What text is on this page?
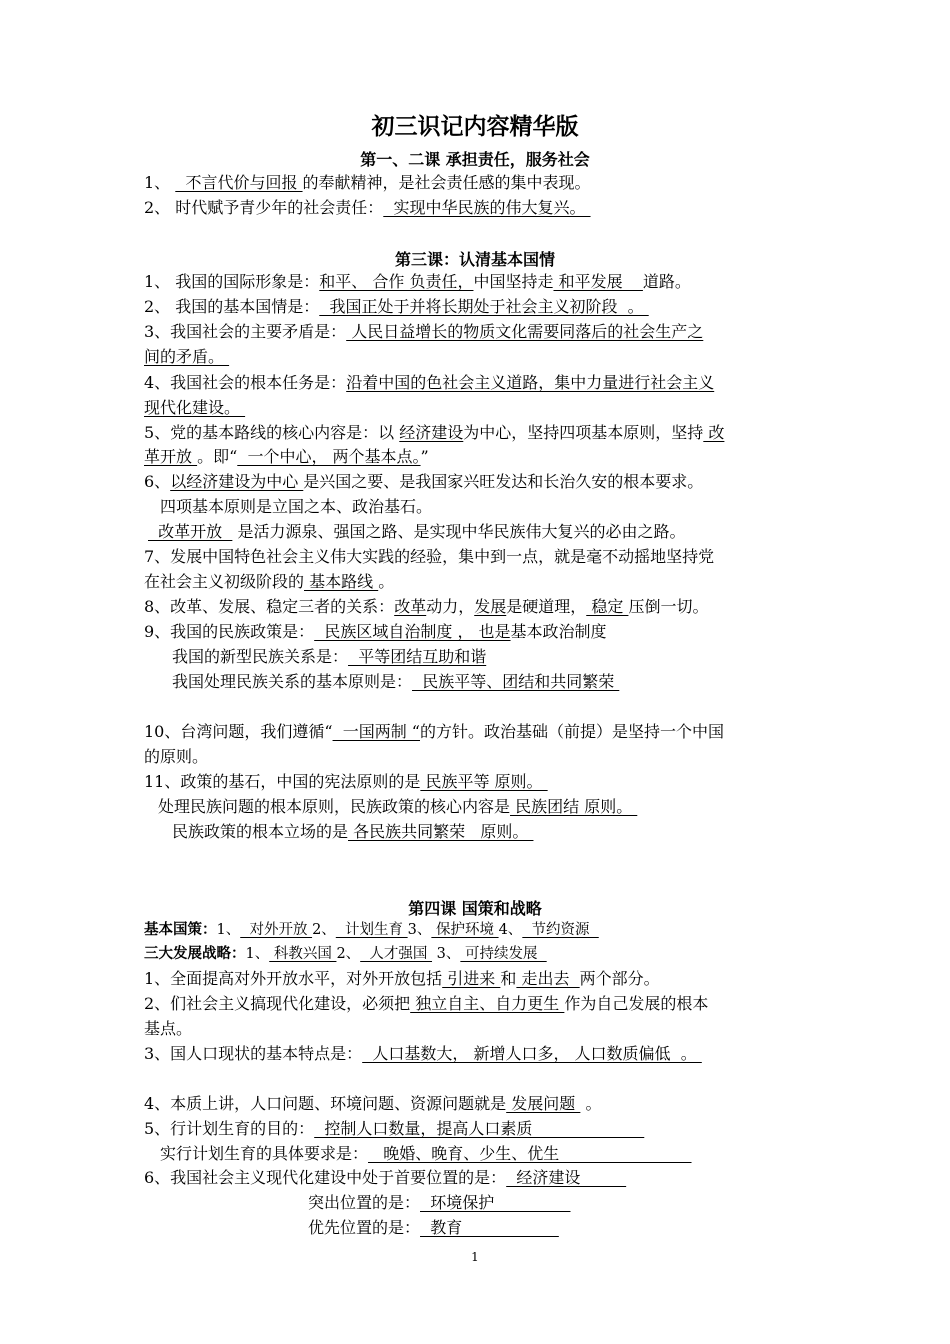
初三识记内容精华版
第一、二课 承担责任，服务社会
1、   不言代价与回报 的奉献精神，是社会责任感的集中表现。
2、 时代赋予青少年的社会责任：  实现中华民族的伟大复兴。
第三课：认清基本国情
1、 我国的国际形象是：和平、 合作 负责任，中国坚持走 和平发展    道路。
2、 我国的基本国情是：  我国正处于并将长期处于社会主义初阶段  。
3、我国社会的主要矛盾是： 人民日益增长的物质文化需要同落后的社会生产之
间的矛盾。
4、我国社会的根本任务是：沿着中国的色社会主义道路，集中力量进行社会主义
现代化建设。
5、党的基本路线的核心内容是：以 经济建设为中心，坚持四项基本原则，坚持 改
革开放 。即“  一个中心， 两个基本点。”
6、以经济建设为中心 是兴国之要、是我国家兴旺发达和长治久安的根本要求。
四项基本原则是立国之本、政治基石。
改革开放   是活力源泉、强国之路、是实现中华民族伟大复兴的必由之路。
7、发展中国特色社会主义伟大实践的经验，集中到一点，就是毫不动摇地坚持党
在社会主义初级阶段的 基本路线 。
8、改革、发展、稳定三者的关系：改革动力，发展是硬道理， 稳定 压倒一切。
9、我国的民族政策是：  民族区域自治制度 ， 也是基本政治制度
我国的新型民族关系是：  平等团结互助和谐
我国处理民族关系的基本原则是：  民族平等、团结和共同繁荣
10、台湾问题，我们遵循“  一国两制 “的方针。政治基础（前提）是坚持一个中国
的原则。
11、政策的基石，中国的宪法原则的是 民族平等 原则。
处理民族问题的根本原则，民族政策的核心内容是 民族团结 原则。
民族政策的根本立场的是 各民族共同繁荣   原则。
第四课 国策和战略
基本国策：1、  对外开放 2、  计划生育 3、 保护环境 4、  节约资源
三大发展战略：1、 科教兴国 2、  人才强国  3、 可持续发展
1、全面提高对外开放水平，对外开放包括 引进来 和 走出去  两个部分。
2、们社会主义搞现代化建设，必须把 独立自主、自力更生 作为自己发展的根本
基点。
3、国人口现状的基本特点是：  人口基数大， 新增人口多， 人口数质偏低  。
4、本质上讲，人口问题、环境问题、资源问题就是 发展问题  。
5、行计划生育的目的：  控制人口数量，提高人口素质
实行计划生育的具体要求是：   晚婚、晚育、少生、优生
6、我国社会主义现代化建设中处于首要位置的是：  经济建设
突出位置的是：  环境保护
优先位置的是：  教育
1
